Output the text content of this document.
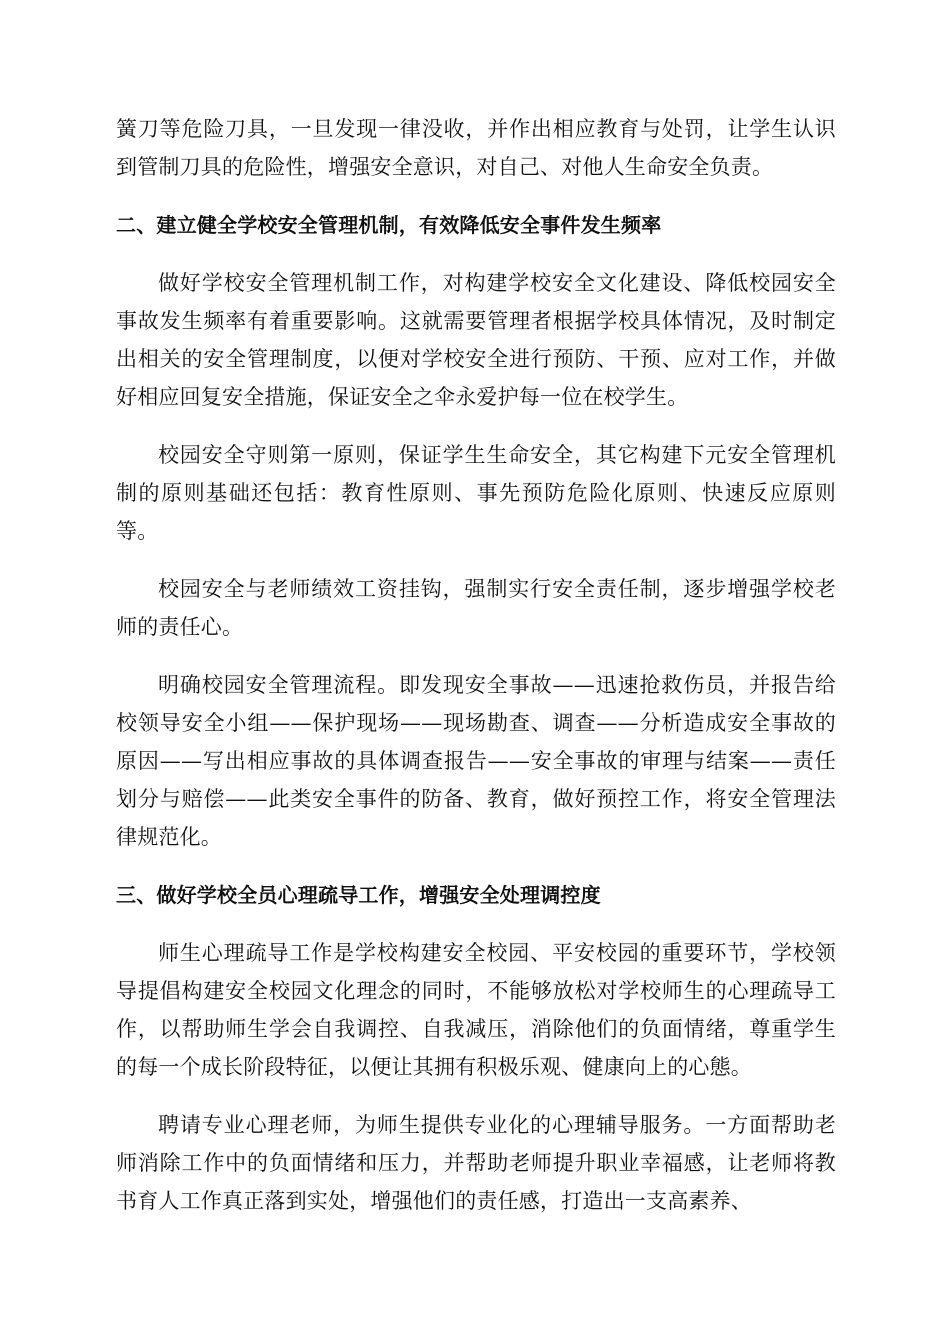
簧刀等危险刀具，一旦发现一律没收，并作出相应教育与处罚，让学生认识到管制刀具的危险性，增强安全意识，对自己、对他人生命安全负责。

二、建立健全学校安全管理机制，有效降低安全事件发生频率

做好学校安全管理机制工作，对构建学校安全文化建设、降低校园安全事故发生频率有着重要影响。这就需要管理者根据学校具体情况，及时制定出相关的安全管理制度，以便对学校安全进行预防、干预、应对工作，并做好相应回复安全措施，保证安全之伞永爱护每一位在校学生。

校园安全守则第一原则，保证学生生命安全，其它构建下元安全管理机制的原则基础还包括：教育性原则、事先预防危险化原则、快速反应原则等。

校园安全与老师绩效工资挂钩，强制实行安全责任制，逐步增强学校老师的责任心。

明确校园安全管理流程。即发现安全事故——迅速抢救伤员，并报告给校领导安全小组——保护现场——现场勘查、调查——分析造成安全事故的原因——写出相应事故的具体调查报告——安全事故的审理与结案——责任划分与赔偿——此类安全事件的防备、教育，做好预控工作，将安全管理法律规范化。

三、做好学校全员心理疏导工作，增强安全处理调控度

师生心理疏导工作是学校构建安全校园、平安校园的重要环节，学校领导提倡构建安全校园文化理念的同时，不能够放松对学校师生的心理疏导工作，以帮助师生学会自我调控、自我减压，消除他们的负面情绪，尊重学生的每一个成长阶段特征，以便让其拥有积极乐观、健康向上的心態。

聘请专业心理老师，为师生提供专业化的心理辅导服务。一方面帮助老师消除工作中的负面情绪和压力，并帮助老师提升职业幸福感，让老师将教书育人工作真正落到实处，增强他们的责任感，打造出一支高素养、
